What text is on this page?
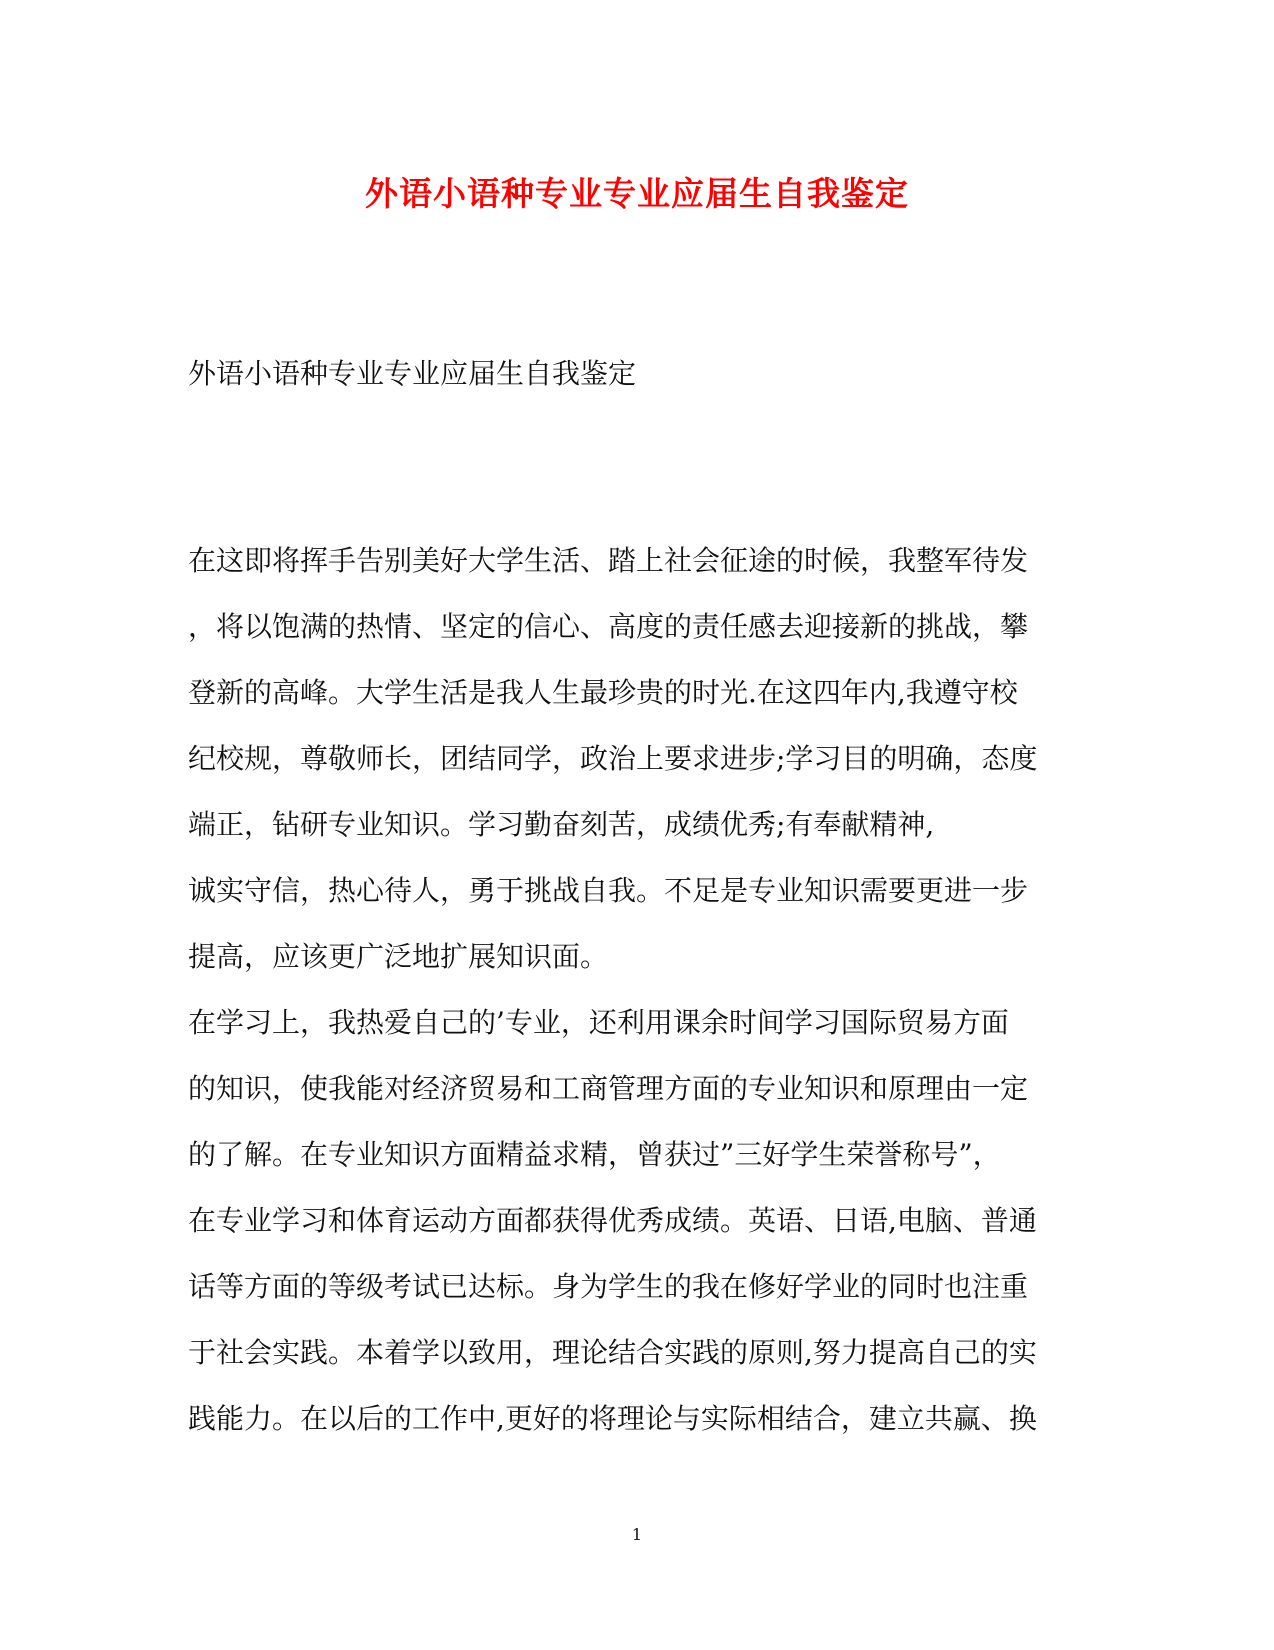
外语小语种专业专业应届生自我鉴定
外语小语种专业专业应届生自我鉴定
在这即将挥手告别美好大学生活、踏上社会征途的时候，我整军待发
，将以饱满的热情、坚定的信心、高度的责任感去迎接新的挑战，攀
登新的高峰。大学生活是我人生最珍贵的时光.在这四年内,我遵守校
纪校规，尊敬师长，团结同学，政治上要求进步;学习目的明确，态度
端正，钻研专业知识。学习勤奋刻苦，成绩优秀;有奉献精神,
诚实守信，热心待人，勇于挑战自我。不足是专业知识需要更进一步
提高，应该更广泛地扩展知识面。
在学习上，我热爱自己的’专业，还利用课余时间学习国际贸易方面
的知识，使我能对经济贸易和工商管理方面的专业知识和原理由一定
的了解。在专业知识方面精益求精，曾获过”三好学生荣誉称号”，
在专业学习和体育运动方面都获得优秀成绩。英语、日语,电脑、普通
话等方面的等级考试已达标。身为学生的我在修好学业的同时也注重
于社会实践。本着学以致用，理论结合实践的原则,努力提高自己的实
践能力。在以后的工作中,更好的将理论与实际相结合，建立共赢、换
1
